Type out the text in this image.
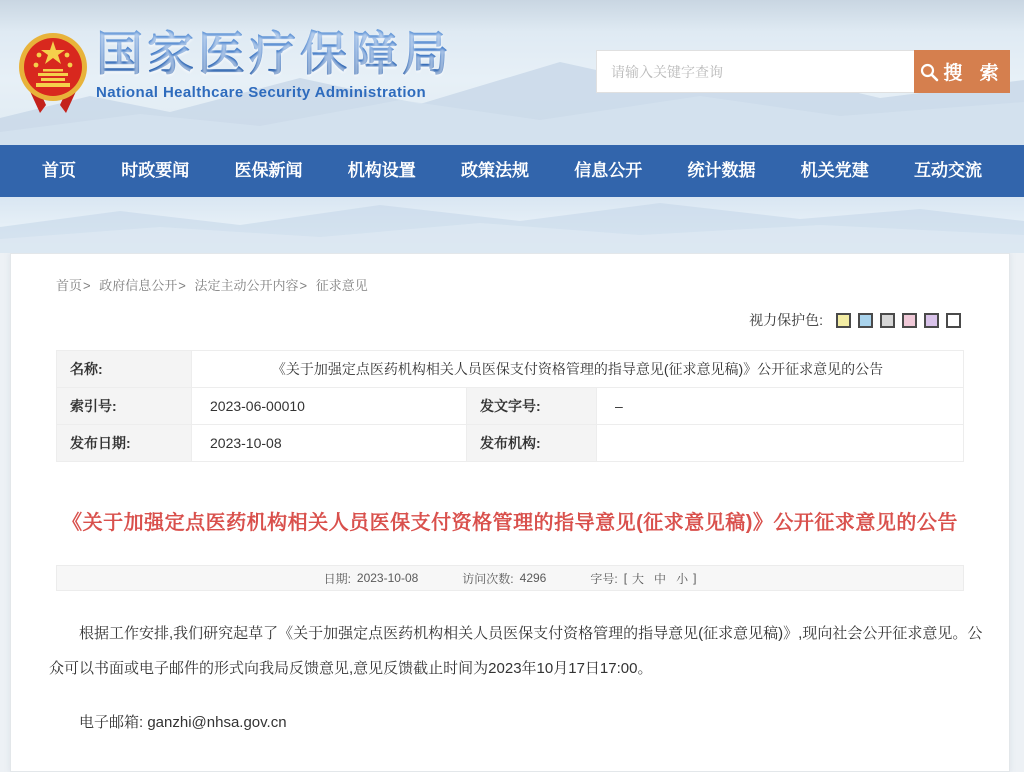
国家医疗保障局
National Healthcare Security Administration
请输入关键字查询
搜 索
首页	时政要闻	医保新闻	机构设置	政策法规	信息公开	统计数据	机关党建	互动交流
首页> 政府信息公开> 法定主动公开内容> 征求意见
视力保护色:
名称:	《关于加强定点医药机构相关人员医保支付资格管理的指导意见(征求意见稿)》公开征求意见的公告		
索引号:	2023-06-00010	发文字号:	–
发布日期:	2023-10-08	发布机构:	
《关于加强定点医药机构相关人员医保支付资格管理的指导意见(征求意见稿)》公开征求意见的公告
日期: 2023-10-08	访问次数: 4296	字号: [ 大 中 小 ]

根据工作安排,我们研究起草了《关于加强定点医药机构相关人员医保支付资格管理的指导意见(征求意见稿)》,现向社会公开征求意见。公众可以书面或电子邮件的形式向我局反馈意见,意见反馈截止时间为2023年10月17日17:00。

电子邮箱: ganzhi@nhsa.gov.cn
